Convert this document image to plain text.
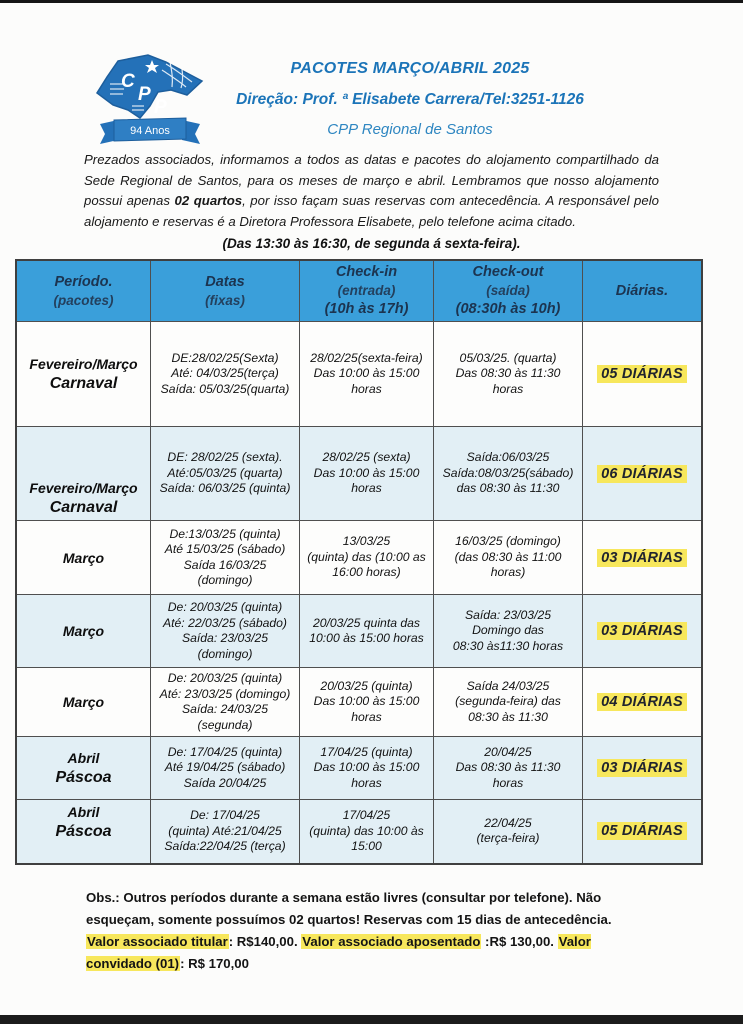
C
P
P
94 Anos
PACOTES MARÇO/ABRIL 2025
Direção: Prof. ª Elisabete Carrera/Tel:3251-1126
CPP Regional de Santos
Prezados associados, informamos a todos as datas e pacotes do alojamento compartilhado da Sede Regional de Santos, para os meses de março e abril. Lembramos que nosso alojamento possui apenas 02 quartos, por isso façam suas reservas com antecedência. A responsável pelo alojamento e reservas é a Diretora Professora Elisabete, pelo telefone acima citado.
(Das 13:30 às 16:30, de segunda á sexta-feira).
Período.
(pacotes)

Datas
(fixas)

Check-in
(entrada)
(10h às 17h)

Check-out
(saída)
(08:30h às 10h)

Diárias.

Fevereiro/Março
Carnaval

DE:28/02/25(Sexta)
Até: 04/03/25(terça)
Saída: 05/03/25(quarta)

28/02/25(sexta-feira)
Das 10:00 às 15:00
horas

05/03/25. (quarta)
Das 08:30 às 11:30
horas
	05 DIÁRIAS

Fevereiro/Março
Carnaval

DE: 28/02/25 (sexta).
Até:05/03/25 (quarta)
Saída: 06/03/25 (quinta)

28/02/25 (sexta)
Das 10:00 às 15:00
horas

Saída:06/03/25
Saída:08/03/25(sábado)
das 08:30 às 11:30
	06 DIÁRIAS

Março

De:13/03/25 (quinta)
Até 15/03/25 (sábado)
Saída 16/03/25
(domingo)

13/03/25
(quinta) das (10:00 as
16:00 horas)

16/03/25 (domingo)
(das 08:30 às 11:00
horas)
	03 DIÁRIAS

Março

De: 20/03/25 (quinta)
Até: 22/03/25 (sábado)
Saída: 23/03/25
(domingo)

20/03/25 quinta das
10:00 às 15:00 horas

Saída: 23/03/25
Domingo das
08:30 às11:30 horas
	03 DIÁRIAS

Março

De: 20/03/25 (quinta)
Até: 23/03/25 (domingo)
Saída: 24/03/25
(segunda)

20/03/25 (quinta)
Das 10:00 às 15:00
horas

Saída 24/03/25
(segunda-feira) das
08:30 às 11:30
	04 DIÁRIAS

Abril
Páscoa

De: 17/04/25 (quinta)
Até 19/04/25 (sábado)
Saída 20/04/25

17/04/25 (quinta)
Das 10:00 às 15:00
horas

20/04/25
Das 08:30 às 11:30
horas
	03 DIÁRIAS

Abril
Páscoa

De: 17/04/25
(quinta) Até:21/04/25
Saída:22/04/25 (terça)

17/04/25
(quinta) das 10:00 às
15:00

22/04/25
(terça-feira)	05 DIÁRIAS
Obs.: Outros períodos durante a semana estão livres (consultar por telefone). Não esqueçam, somente possuímos 02 quartos! Reservas com 15 dias de antecedência. Valor associado titular: R$140,00. Valor associado aposentado :R$ 130,00. Valor convidado (01): R$ 170,00
